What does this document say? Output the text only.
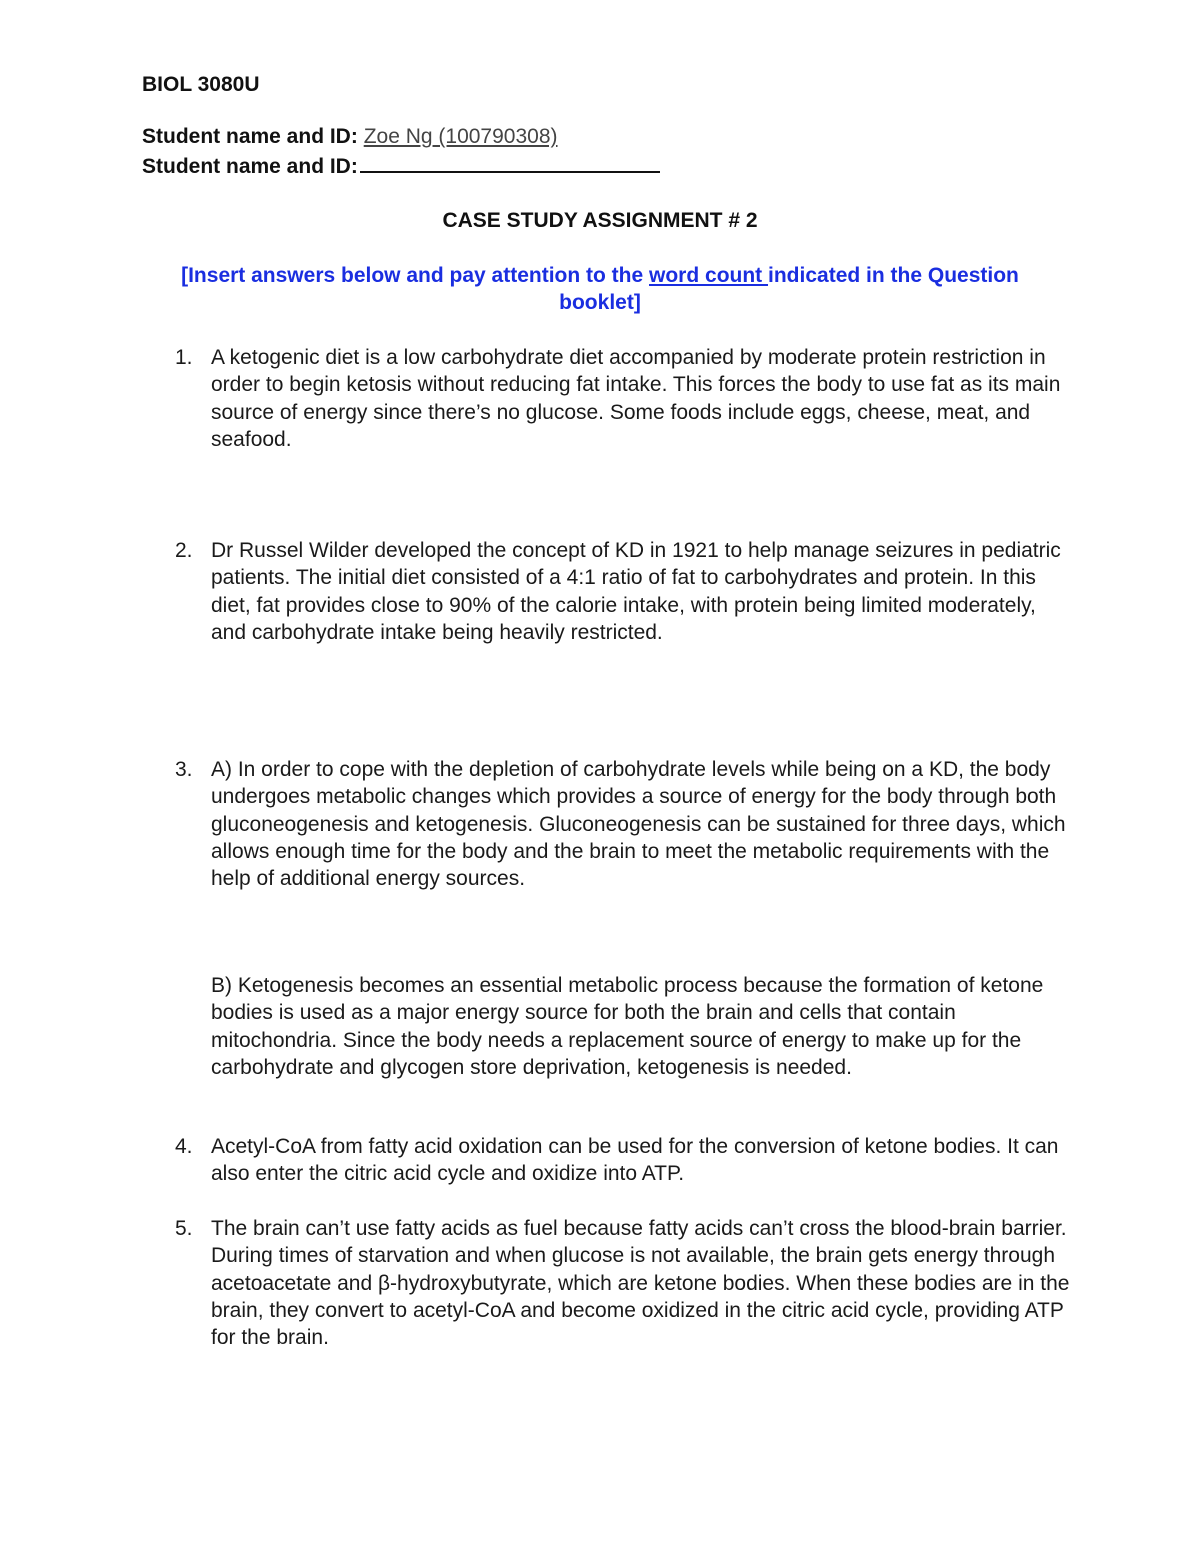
BIOL 3080U
Student name and ID: Zoe Ng (100790308)
Student name and ID:
CASE STUDY ASSIGNMENT # 2
[Insert answers below and pay attention to the word count indicated in the Question booklet]
1. A ketogenic diet is a low carbohydrate diet accompanied by moderate protein restriction in order to begin ketosis without reducing fat intake. This forces the body to use fat as its main source of energy since there’s no glucose. Some foods include eggs, cheese, meat, and seafood.
2. Dr Russel Wilder developed the concept of KD in 1921 to help manage seizures in pediatric patients. The initial diet consisted of a 4:1 ratio of fat to carbohydrates and protein. In this diet, fat provides close to 90% of the calorie intake, with protein being limited moderately, and carbohydrate intake being heavily restricted.
3. A) In order to cope with the depletion of carbohydrate levels while being on a KD, the body undergoes metabolic changes which provides a source of energy for the body through both gluconeogenesis and ketogenesis. Gluconeogenesis can be sustained for three days, which allows enough time for the body and the brain to meet the metabolic requirements with the help of additional energy sources.
B) Ketogenesis becomes an essential metabolic process because the formation of ketone bodies is used as a major energy source for both the brain and cells that contain mitochondria. Since the body needs a replacement source of energy to make up for the carbohydrate and glycogen store deprivation, ketogenesis is needed.
4. Acetyl-CoA from fatty acid oxidation can be used for the conversion of ketone bodies. It can also enter the citric acid cycle and oxidize into ATP.
5. The brain can’t use fatty acids as fuel because fatty acids can’t cross the blood-brain barrier. During times of starvation and when glucose is not available, the brain gets energy through acetoacetate and β-hydroxybutyrate, which are ketone bodies. When these bodies are in the brain, they convert to acetyl-CoA and become oxidized in the citric acid cycle, providing ATP for the brain.
